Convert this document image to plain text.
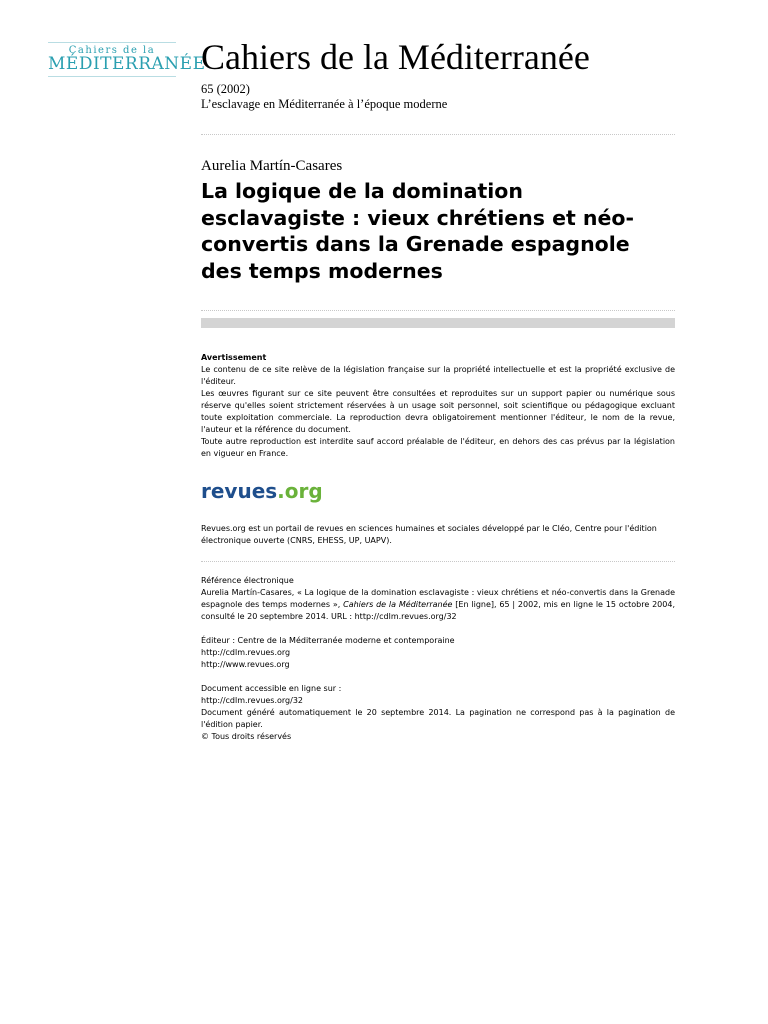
Cahiers de la
MÉDITERRANÉE
Cahiers de la Méditerranée
65 (2002)
L’esclavage en Méditerranée à l’époque moderne
Aurelia Martín-Casares
La logique de la domination esclavagiste : vieux chrétiens et néo-convertis dans la Grenade espagnole des temps modernes

Avertissement

Le contenu de ce site relève de la législation française sur la propriété intellectuelle et est la propriété exclusive de l'éditeur.

Les œuvres figurant sur ce site peuvent être consultées et reproduites sur un support papier ou numérique sous réserve qu'elles soient strictement réservées à un usage soit personnel, soit scientifique ou pédagogique excluant toute exploitation commerciale. La reproduction devra obligatoirement mentionner l'éditeur, le nom de la revue, l'auteur et la référence du document.

Toute autre reproduction est interdite sauf accord préalable de l'éditeur, en dehors des cas prévus par la législation en vigueur en France.

revues.org
Revues.org est un portail de revues en sciences humaines et sociales développé par le Cléo, Centre pour l'édition électronique ouverte (CNRS, EHESS, UP, UAPV).

Référence électronique

Aurelia Martín-Casares, « La logique de la domination esclavagiste : vieux chrétiens et néo-convertis dans la Grenade espagnole des temps modernes », Cahiers de la Méditerranée [En ligne], 65 | 2002, mis en ligne le 15 octobre 2004, consulté le 20 septembre 2014. URL : http://cdlm.revues.org/32

Éditeur : Centre de la Méditerranée moderne et contemporaine

http://cdlm.revues.org

http://www.revues.org

Document accessible en ligne sur :

http://cdlm.revues.org/32

Document généré automatiquement le 20 septembre 2014. La pagination ne correspond pas à la pagination de l'édition papier.

© Tous droits réservés
